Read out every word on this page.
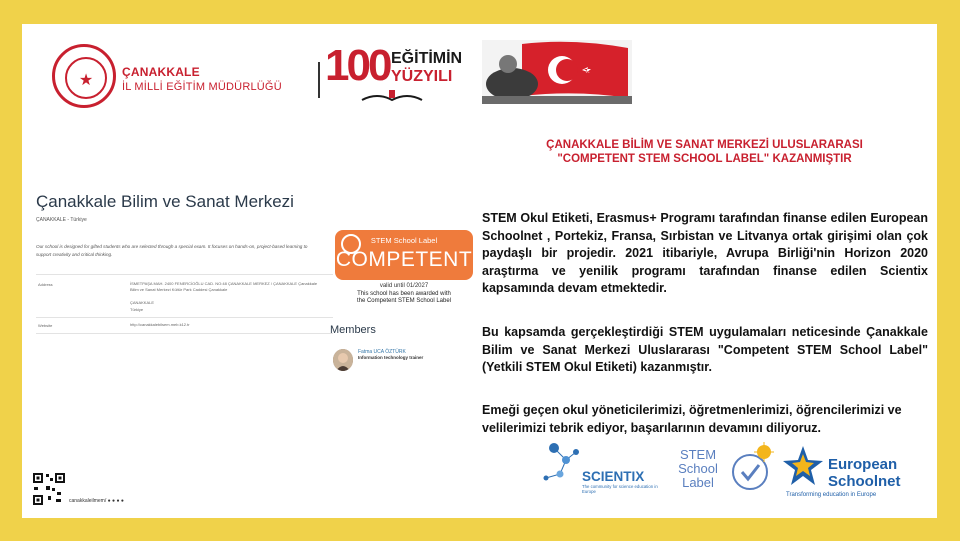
★	ÇANAKKALE
İL MİLLİ EĞİTİM MÜDÜRLÜĞÜ 100 EĞİTİMİN
YÜZYILI
ÇANAKKALE BİLİM VE SANAT MERKEZİ ULUSLARARASI
"COMPETENT STEM SCHOOL LABEL" KAZANMIŞTIR
Çanakkale Bilim ve Sanat Merkezi
ÇANAKKALE - Türkiye
Our school is designed for gifted students who are selected through a special exam. It focuses on hands-on, project-based learning to support creativity and critical thinking.
Address	İSMETPAŞA MAH. 2400 FENERCİOĞLU CAD. NO:48 ÇANAKKALE MERKEZ / ÇANAKKALE Çanakkale Bilim ve Sanat Merkezi Kültür Park Caddesi Çanakkale
ÇANAKKALE
Türkiye
Website	http://canakkalebilsem.meb.k12.tr
STEM School Label
COMPETENT
valid until 01/2027
This school has been awarded with
the Competent STEM School Label
Members
Fatma UCA ÖZTÜRK
Information technology trainer
canakkaleilmem/ ● ● ● ●
STEM Okul Etiketi, Erasmus+ Programı tarafından finanse edilen European Schoolnet , Portekiz, Fransa, Sırbistan ve Litvanya ortak girişimi olan çok paydaşlı bir projedir. 2021 itibariyle, Avrupa Birliği'nin Horizon 2020 araştırma ve yenilik programı tarafından finanse edilen Scientix kapsamında devam etmektedir.
Bu kapsamda gerçekleştirdiği STEM uygulamaları neticesinde Çanakkale Bilim ve Sanat Merkezi Uluslararası "Competent STEM School Label" (Yetkili STEM Okul Etiketi) kazanmıştır.
Emeği geçen okul yöneticilerimizi, öğretmenlerimizi, öğrencilerimizi ve velilerimizi tebrik ediyor, başarılarının devamını diliyoruz.
SCIENTIX
The community for science education in Europe
STEM
School
Label
European
Schoolnet
Transforming education in Europe
